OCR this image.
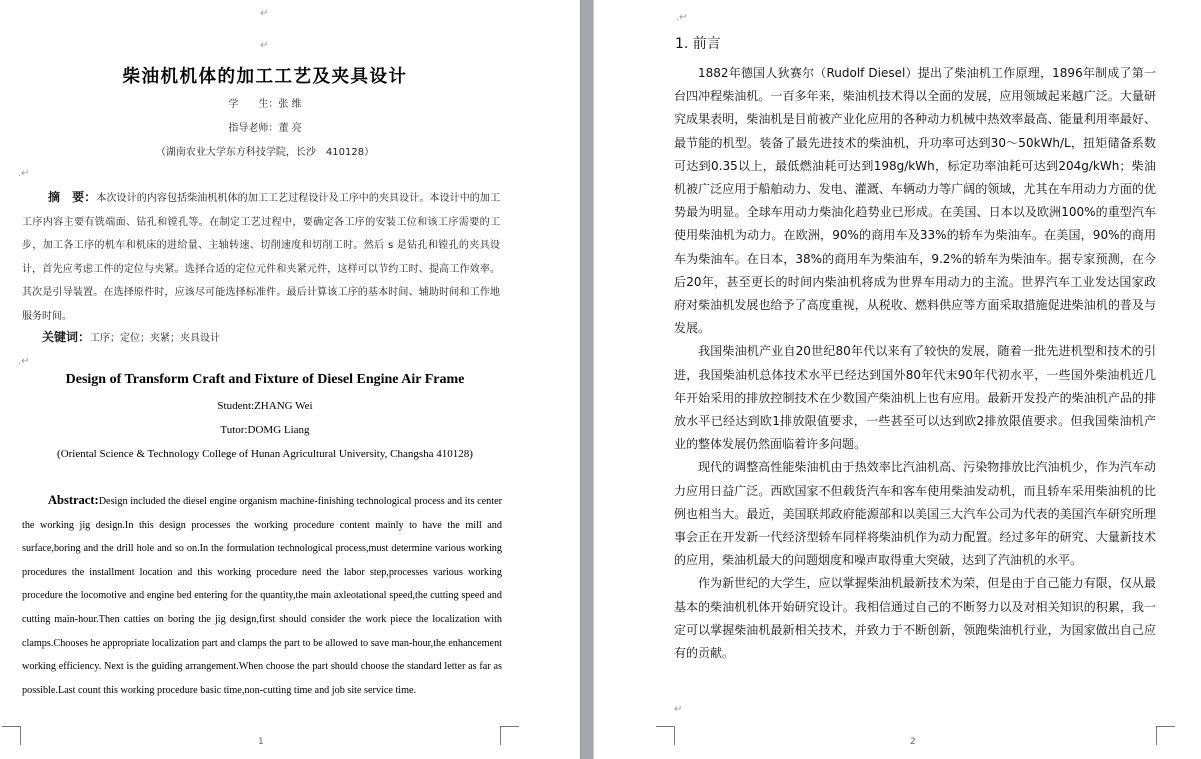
↵
↵
柴油机机体的加工工艺及夹具设计
学　　生：张 维
指导老师：董 亮
（湖南农业大学东方科技学院，长沙　410128）
.↵
摘　要：本次设计的内容包括柴油机机体的加工工艺过程设计及工序中的夹具设计。本设计中的加工工序内容主要有铣端面、钻孔和镗孔等。在制定工艺过程中，要确定各工序的安装工位和该工序需要的工步，加工各工序的机车和机床的进给量、主轴转速、切削速度和切削工时。然后 s 是钻孔和镗孔的夹具设计，首先应考虑工件的定位与夹紧。选择合适的定位元件和夹紧元件，这样可以节约工时、提高工作效率。其次是引导装置。在选择原件时，应该尽可能选择标准件。最后计算该工序的基本时间、辅助时间和工作地服务时间。
关键词：工序；定位；夹紧；夹具设计
.↵
Design of Transform Craft and Fixture of Diesel Engine Air Frame
Student:ZHANG Wei
Tutor:DOMG Liang
(Oriental Science & Technology College of Hunan Agricultural University, Changsha 410128)
Abstract:Design included the diesel engine organism machine-finishing technological process and its center the working jig design.In this design processes the working procedure content mainly to have the mill and surface,boring and the drill hole and so on.In the formulation technological process,must determine various working procedures the installment location and this working procedure need the labor step,processes various working procedure the locomotive and engine bed entering for the quantity,the main axleotational speed,the cutting speed and cutting main-hour.Then catties on boring the jig design,first should consider the work piece the localization with clamps.Chooses he appropriate localization part and clamps the part to be allowed to save man-hour,the enhancement working efficiency. Next is the guiding arrangement.When choose the part should choose the standard letter as far as possible.Last count this working procedure basic time,non-cutting time and job site service time.
1
.↵
1. 前言

1882年德国人狄赛尔（Rudolf Diesel）提出了柴油机工作原理，1896年制成了第一台四冲程柴油机。一百多年来，柴油机技术得以全面的发展，应用领域起来越广泛。大量研究成果表明，柴油机是目前被产业化应用的各种动力机械中热效率最高、能量利用率最好、最节能的机型。装备了最先进技术的柴油机，升功率可达到30～50kWh/L，扭矩储备系数可达到0.35以上，最低燃油耗可达到198g/kWh，标定功率油耗可达到204g/kWh；柴油机被广泛应用于船舶动力、发电、灌溉、车辆动力等广阔的领域，尤其在车用动力方面的优势最为明显。全球车用动力柴油化趋势业已形成。在美国、日本以及欧洲100%的重型汽车使用柴油机为动力。在欧洲，90%的商用车及33%的轿车为柴油车。在美国，90%的商用车为柴油车。在日本，38%的商用车为柴油车，9.2%的轿车为柴油车。据专家预测，在今后20年，甚至更长的时间内柴油机将成为世界车用动力的主流。世界汽车工业发达国家政府对柴油机发展也给予了高度重视，从税收、燃料供应等方面采取措施促进柴油机的普及与发展。

我国柴油机产业自20世纪80年代以来有了较快的发展，随着一批先进机型和技术的引进，我国柴油机总体技术水平已经达到国外80年代末90年代初水平，一些国外柴油机近几年开始采用的排放控制技术在少数国产柴油机上也有应用。最新开发投产的柴油机产品的排放水平已经达到欧1排放限值要求，一些甚至可以达到欧2排放限值要求。但我国柴油机产业的整体发展仍然面临着许多问题。

现代的调整高性能柴油机由于热效率比汽油机高、污染物排放比汽油机少，作为汽车动力应用日益广泛。西欧国家不但载货汽车和客车使用柴油发动机，而且轿车采用柴油机的比例也相当大。最近，美国联邦政府能源部和以美国三大汽车公司为代表的美国汽车研究所理事会正在开发新一代经济型轿车同样将柴油机作为动力配置。经过多年的研究、大量新技术的应用，柴油机最大的问题烟度和噪声取得重大突破，达到了汽油机的水平。

作为新世纪的大学生，应以掌握柴油机最新技术为荣，但是由于自己能力有限，仅从最基本的柴油机机体开始研究设计。我相信通过自己的不断努力以及对相关知识的积累，我一定可以掌握柴油机最新相关技术，并致力于不断创新，领跑柴油机行业，为国家做出自己应有的贡献。

↵
2
